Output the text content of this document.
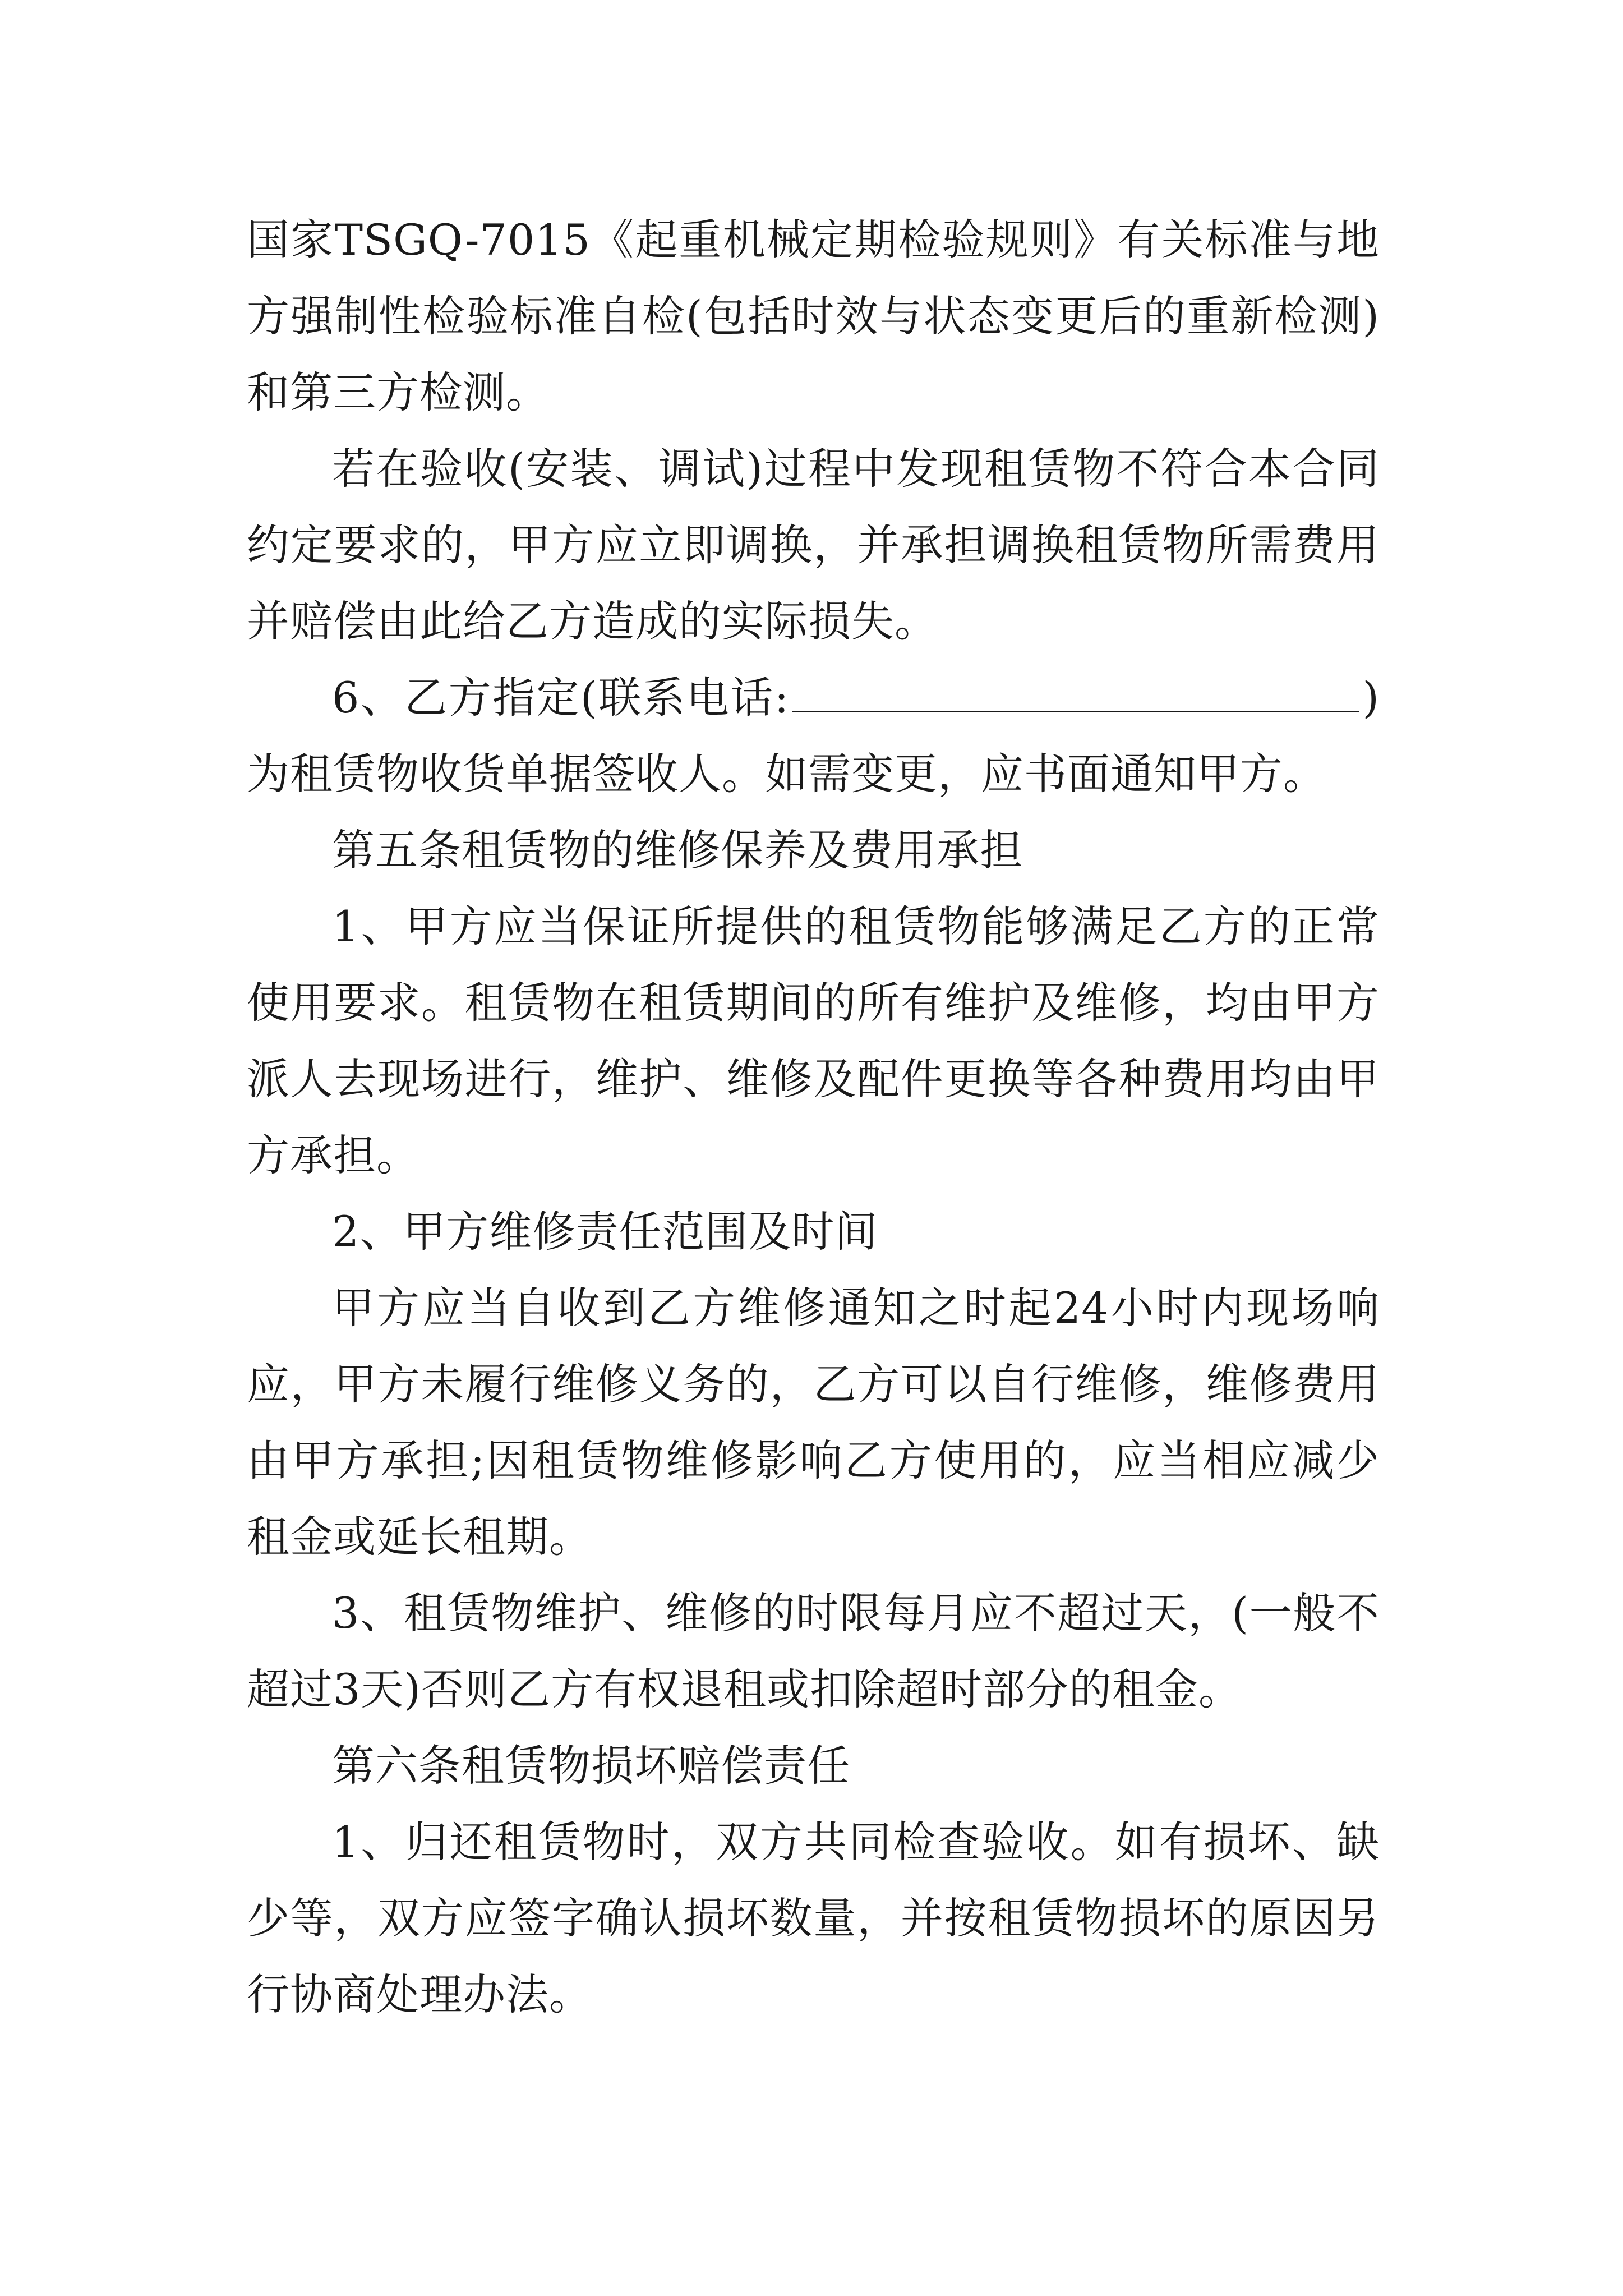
国家TSGQ-7015《起重机械定期检验规则》有关标准与地方强制性检验标准自检(包括时效与状态变更后的重新检测)和第三方检测。

若在验收(安装、调试)过程中发现租赁物不符合本合同约定要求的，甲方应立即调换，并承担调换租赁物所需费用并赔偿由此给乙方造成的实际损失。

6、乙方指定(联系电话:	)为租赁物收货单据签收人。如需变更，应书面通知甲方。

第五条租赁物的维修保养及费用承担

1、甲方应当保证所提供的租赁物能够满足乙方的正常使用要求。租赁物在租赁期间的所有维护及维修，均由甲方派人去现场进行，维护、维修及配件更换等各种费用均由甲方承担。

2、甲方维修责任范围及时间

甲方应当自收到乙方维修通知之时起24小时内现场响应，甲方未履行维修义务的，乙方可以自行维修，维修费用由甲方承担;因租赁物维修影响乙方使用的，应当相应减少租金或延长租期。

3、租赁物维护、维修的时限每月应不超过天，(一般不超过3天)否则乙方有权退租或扣除超时部分的租金。

第六条租赁物损坏赔偿责任

1、归还租赁物时，双方共同检查验收。如有损坏、缺少等，双方应签字确认损坏数量，并按租赁物损坏的原因另行协商处理办法。
